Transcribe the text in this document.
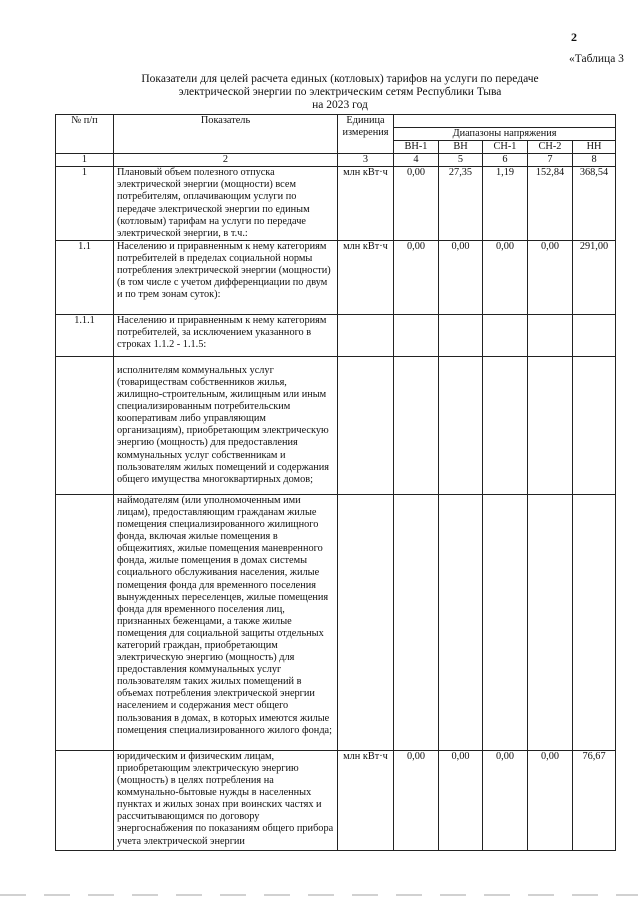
2
«Таблица 3
Показатели для целей расчета единых (котловых) тарифов на услуги по передаче
электрической энергии по электрическим сетям Республики Тыва
на 2023 год
№ п/п	Показатель	Единица измерения					
			Диапазоны напряжения				
			ВН-1	ВН	СН-1	СН-2	НН
1	2	3	4	5	6	7	8
1	Плановый объем полезного отпуска электрической энергии (мощности) всем потребителям, оплачивающим услуги по передаче электрической энергии по единым (котловым) тарифам на услуги по передаче электрической энергии, в т.ч.:	млн кВт·ч	0,00	27,35	1,19	152,84	368,54
1.1	Населению и приравненным к нему категориям потребителей в пределах социальной нормы потребления электрической энергии (мощности) (в том числе с учетом дифференциации по двум и по трем зонам суток):	млн кВт·ч	0,00	0,00	0,00	0,00	291,00
1.1.1	Населению и приравненным к нему категориям потребителей, за исключением указанного в строках 1.1.2 - 1.1.5:						
	исполнителям коммунальных услуг (товариществам собственников жилья, жилищно-строительным, жилищным или иным специализированным потребительским кооперативам либо управляющим организациям), приобретающим электрическую энергию (мощность) для предоставления коммунальных услуг собственникам и пользователям жилых помещений и содержания общего имущества многоквартирных домов;						
	наймодателям (или уполномоченным ими лицам), предоставляющим гражданам жилые помещения специализированного жилищного фонда, включая жилые помещения в общежитиях, жилые помещения маневренного фонда, жилые помещения в домах системы социального обслуживания населения, жилые помещения фонда для временного поселения вынужденных переселенцев, жилые помещения фонда для временного поселения лиц, признанных беженцами, а также жилые помещения для социальной защиты отдельных категорий граждан, приобретающим электрическую энергию (мощность) для предоставления коммунальных услуг пользователям таких жилых помещений в объемах потребления электрической энергии населением и содержания мест общего пользования в домах, в которых имеются жилые помещения специализированного жилого фонда;						
	юридическим и физическим лицам, приобретающим электрическую энергию (мощность) в целях потребления на коммунально-бытовые нужды в населенных пунктах и жилых зонах при воинских частях и рассчитывающимся по договору энергоснабжения по показаниям общего прибора учета электрической энергии	млн кВт·ч	0,00	0,00	0,00	0,00	76,67
